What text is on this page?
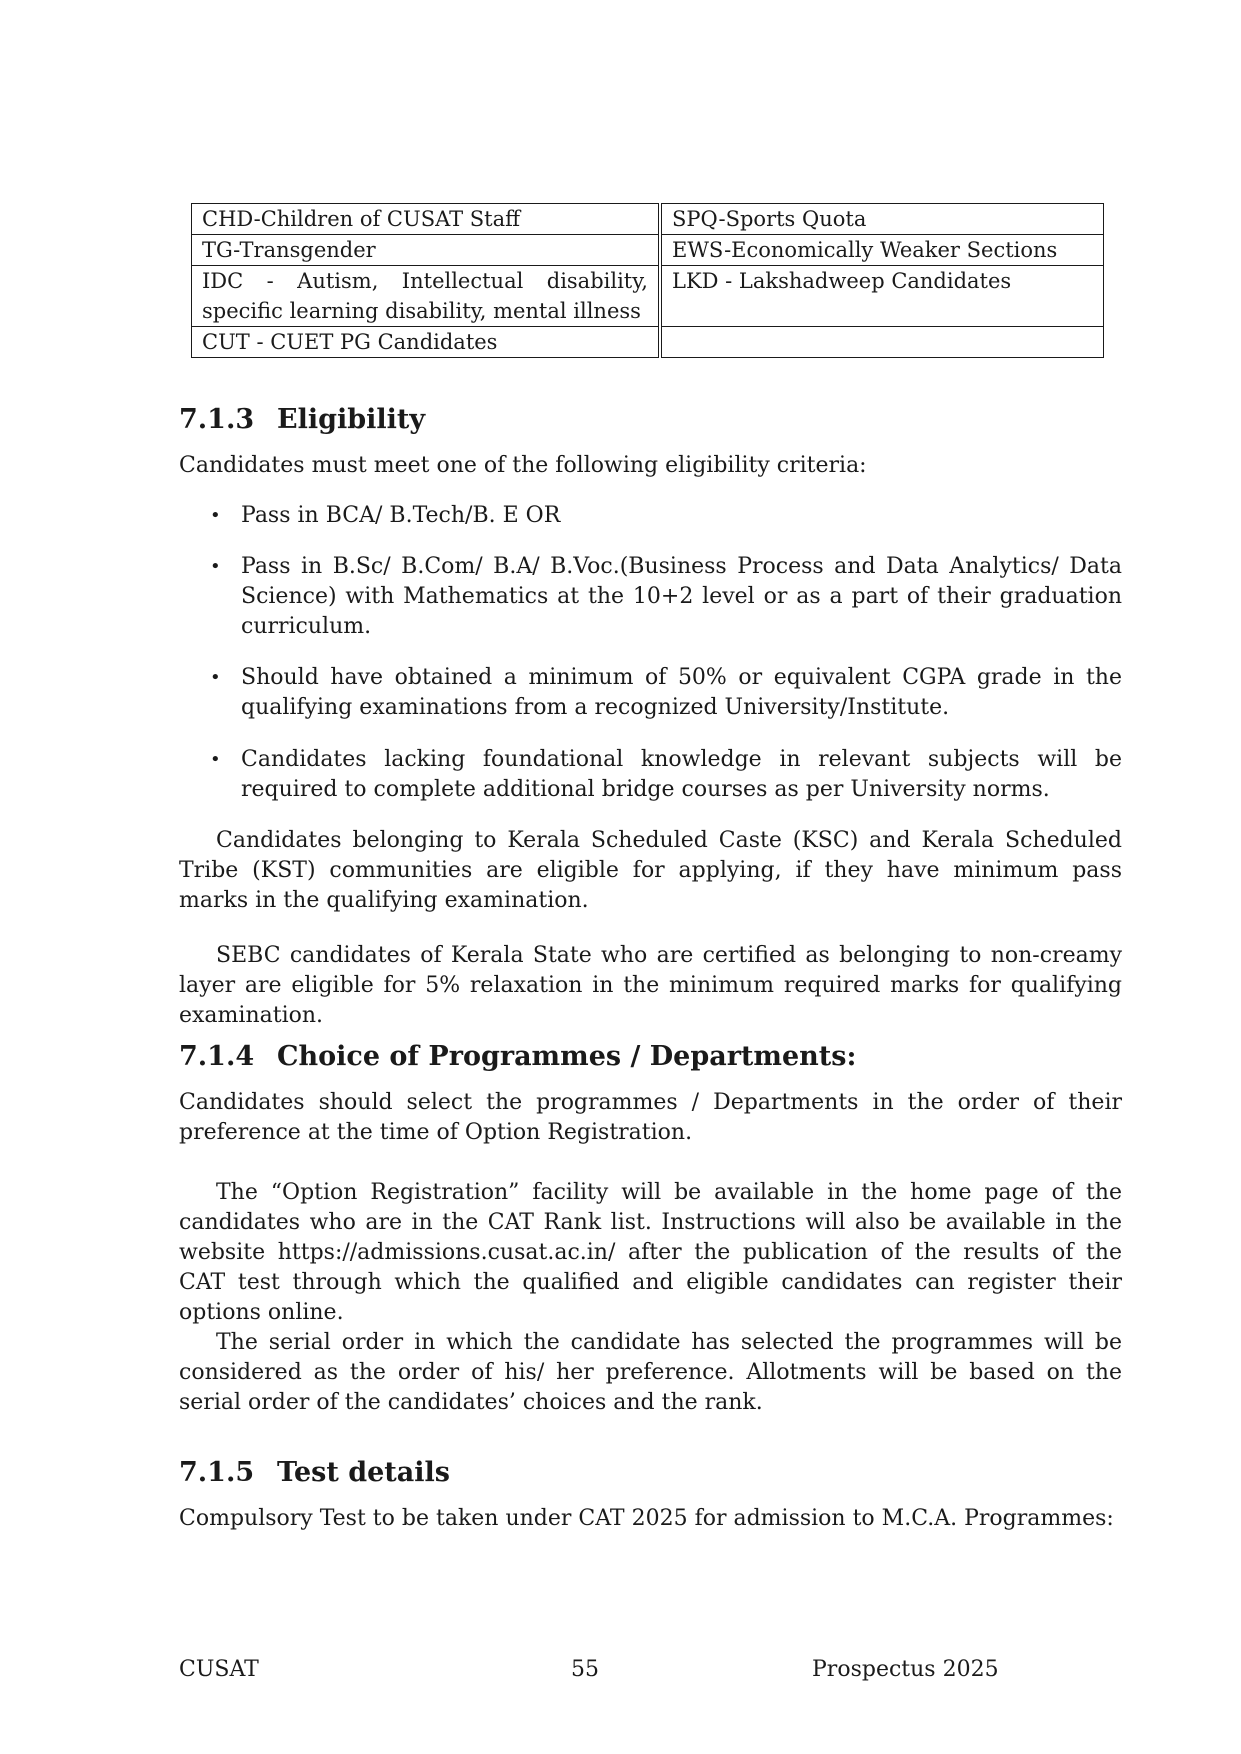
CHD-Children of CUSAT Staff	SPQ-Sports Quota
TG-Transgender	EWS-Economically Weaker Sections
IDC - Autism, Intellectual disability, specific learning disability, mental illness	LKD - Lakshadweep Candidates
CUT - CUET PG Candidates	
7.1.3 Eligibility

Candidates must meet one of the following eligibility criteria:

• Pass in BCA/ B.Tech/B. E OR
• Pass in B.Sc/ B.Com/ B.A/ B.Voc.(Business Process and Data Analytics/ Data Science) with Mathematics at the 10+2 level or as a part of their graduation curriculum.
• Should have obtained a minimum of 50% or equivalent CGPA grade in the qualifying examinations from a recognized University/Institute.
• Candidates lacking foundational knowledge in relevant subjects will be required to complete additional bridge courses as per University norms.

Candidates belonging to Kerala Scheduled Caste (KSC) and Kerala Scheduled Tribe (KST) communities are eligible for applying, if they have minimum pass marks in the qualifying examination.

SEBC candidates of Kerala State who are certified as belonging to non-creamy layer are eligible for 5% relaxation in the minimum required marks for qualifying examination.

7.1.4 Choice of Programmes / Departments:

Candidates should select the programmes / Departments in the order of their preference at the time of Option Registration.

The “Option Registration” facility will be available in the home page of the candidates who are in the CAT Rank list. Instructions will also be available in the website https://admissions.cusat.ac.in/ after the publication of the results of the CAT test through which the qualified and eligible candidates can register their options online.

The serial order in which the candidate has selected the programmes will be considered as the order of his/ her preference. Allotments will be based on the serial order of the candidates’ choices and the rank.

7.1.5 Test details

Compulsory Test to be taken under CAT 2025 for admission to M.C.A. Programmes:

CUSAT	55	Prospectus 2025
